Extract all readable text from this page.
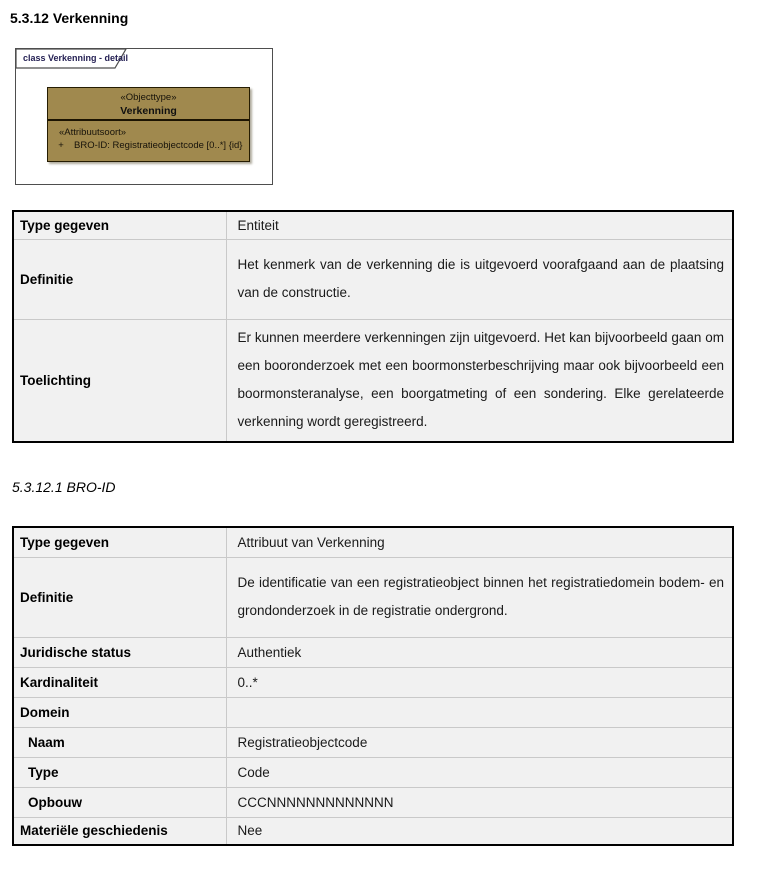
5.3.12 Verkenning
class Verkenning - detail
«Objecttype»
Verkenning
«Attribuutsoort»
+	BRO-ID: Registratieobjectcode [0..*] {id}
Type gegeven	Entiteit
Definitie	Het kenmerk van de verkenning die is uitgevoerd voorafgaand aan de plaatsing van de constructie.
Toelichting	Er kunnen meerdere verkenningen zijn uitgevoerd. Het kan bijvoorbeeld gaan om een booronderzoek met een boormonsterbeschrijving maar ook bijvoorbeeld een boormonsteranalyse, een boorgatmeting of een sondering. Elke gerelateerde verkenning wordt geregistreerd.
5.3.12.1 BRO-ID
Type gegeven	Attribuut van Verkenning
Definitie	De identificatie van een registratieobject binnen het registratiedomein bodem- en grondonderzoek in de registratie ondergrond.
Juridische status	Authentiek
Kardinaliteit	0..*
Domein	
Naam	Registratieobjectcode
Type	Code
Opbouw	CCCNNNNNNNNNNNNN
Materiële geschiedenis	Nee
